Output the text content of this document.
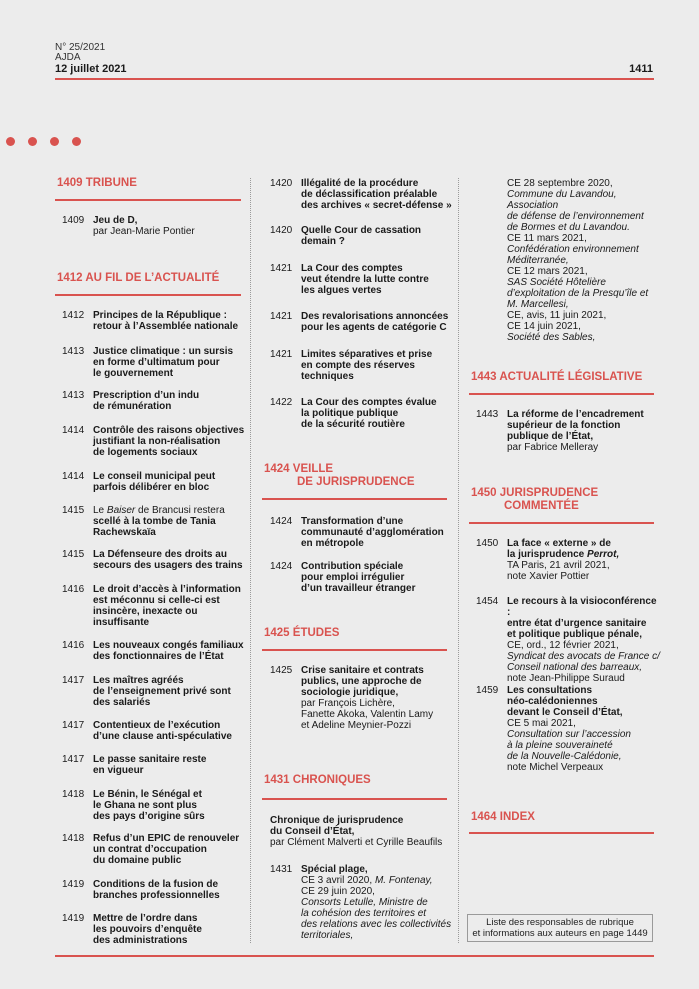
N° 25/2021
AJDA
12 juillet 2021	1411
1409 TRIBUNE
1409 Jeu de D,
par Jean-Marie Pontier
1412 AU FIL DE L’ACTUALITÉ
1412 Principes de la République :
retour à l’Assemblée nationale
1413 Justice climatique : un sursis
en forme d’ultimatum pour
le gouvernement
1413 Prescription d’un indu
de rémunération
1414 Contrôle des raisons objectives
justifiant la non-réalisation
de logements sociaux
1414 Le conseil municipal peut
parfois délibérer en bloc
1415 Le Baiser de Brancusi restera
scellé à la tombe de Tania
Rachewskaïa
1415 La Défenseure des droits au
secours des usagers des trains
1416 Le droit d’accès à l’information
est méconnu si celle-ci est
insincère, inexacte ou
insuffisante
1416 Les nouveaux congés familiaux
des fonctionnaires de l’État
1417 Les maîtres agréés
de l’enseignement privé sont
des salariés
1417 Contentieux de l’exécution
d’une clause anti-spéculative
1417 Le passe sanitaire reste
en vigueur
1418 Le Bénin, le Sénégal et
le Ghana ne sont plus
des pays d’origine sûrs
1418 Refus d’un EPIC de renouveler
un contrat d’occupation
du domaine public
1419 Conditions de la fusion de
branches professionnelles
1419 Mettre de l’ordre dans
les pouvoirs d’enquête
des administrations
1420 Illégalité de la procédure
de déclassification préalable
des archives « secret-défense »
1420 Quelle Cour de cassation
demain ?
1421 La Cour des comptes
veut étendre la lutte contre
les algues vertes
1421 Des revalorisations annoncées
pour les agents de catégorie C
1421 Limites séparatives et prise
en compte des réserves
techniques
1422 La Cour des comptes évalue
la politique publique
de la sécurité routière
1424 VEILLE
DE JURISPRUDENCE
1424 Transformation d’une
communauté d’agglomération
en métropole
1424 Contribution spéciale
pour emploi irrégulier
d’un travailleur étranger
1425 ÉTUDES
1425 Crise sanitaire et contrats
publics, une approche de
sociologie juridique,
par François Lichère,
Fanette Akoka, Valentin Lamy
et Adeline Meynier-Pozzi
1431 CHRONIQUES
Chronique de jurisprudence
du Conseil d’État,
par Clément Malverti et Cyrille Beaufils
1431 Spécial plage,
CE 3 avril 2020, M. Fontenay,
CE 29 juin 2020,
Consorts Letulle, Ministre de
la cohésion des territoires et
des relations avec les collectivités
territoriales,
CE 28 septembre 2020,
Commune du Lavandou, Association
de défense de l’environnement
de Bormes et du Lavandou.
CE 11 mars 2021,
Confédération environnement
Méditerranée,
CE 12 mars 2021,
SAS Société Hôtelière
d’exploitation de la Presqu’île et
M. Marcellesi,
CE, avis, 11 juin 2021,
CE 14 juin 2021,
Société des Sables,
1443 ACTUALITÉ LÉGISLATIVE
1443 La réforme de l’encadrement
supérieur de la fonction
publique de l’État,
par Fabrice Melleray
1450 JURISPRUDENCE
COMMENTÉE
1450 La face « externe » de
la jurisprudence Perrot,
TA Paris, 21 avril 2021,
note Xavier Pottier
1454 Le recours à la visioconférence :
entre état d’urgence sanitaire
et politique publique pénale,
CE, ord., 12 février 2021,
Syndicat des avocats de France c/
Conseil national des barreaux,
note Jean-Philippe Suraud
1459 Les consultations
néo-calédoniennes
devant le Conseil d’État,
CE 5 mai 2021,
Consultation sur l’accession
à la pleine souveraineté
de la Nouvelle-Calédonie,
note Michel Verpeaux
1464 INDEX
Liste des responsables de rubrique
et informations aux auteurs en page 1449
